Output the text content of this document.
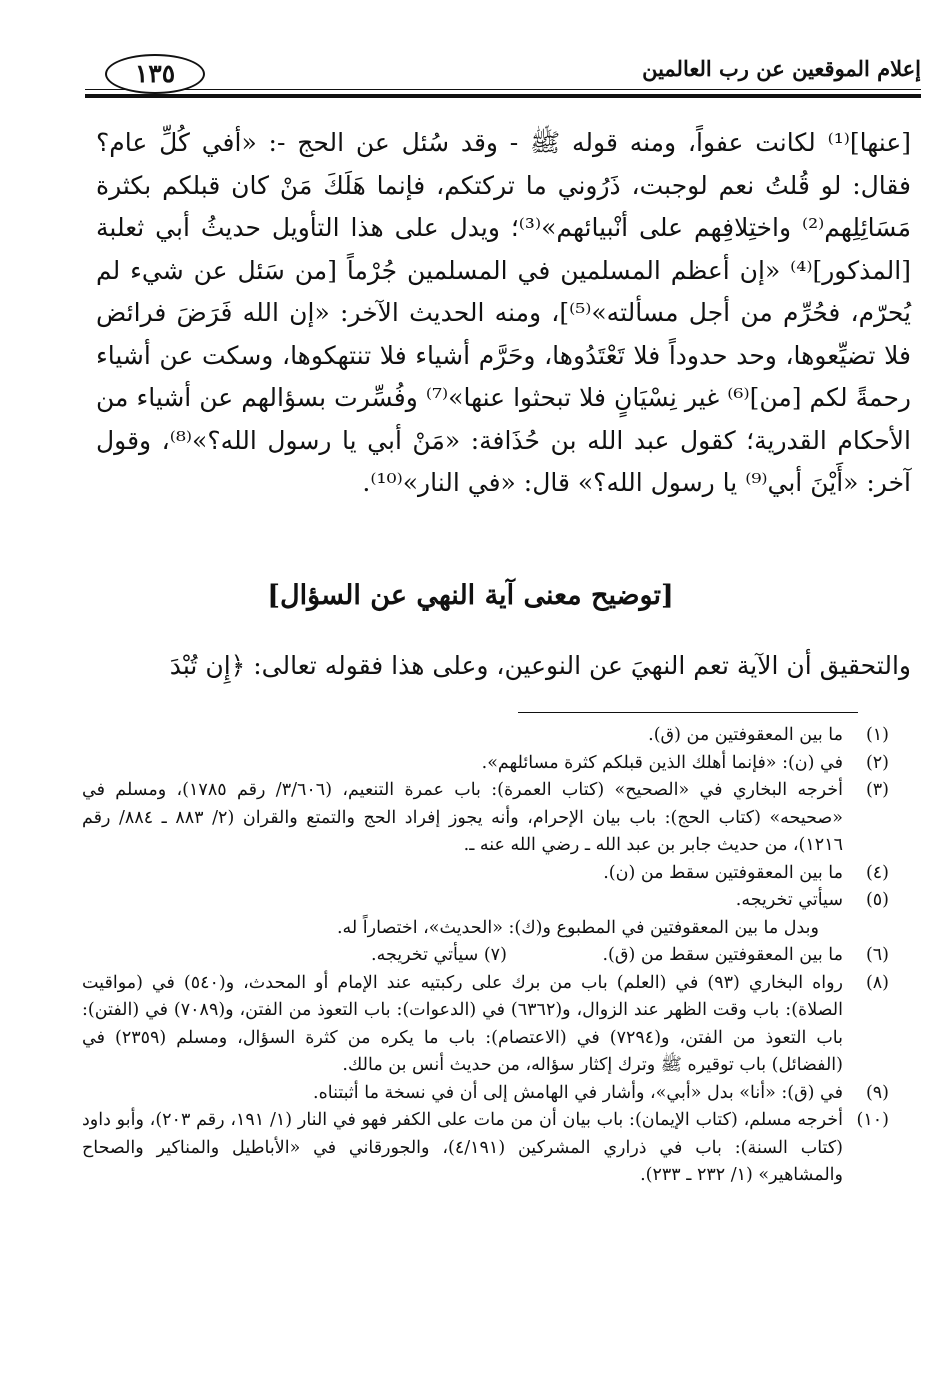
إعلام الموقعين عن رب العالمين
١٣٥

[عنها]⁽¹⁾ لكانت عفواً، ومنه قوله ﷺ - وقد سُئل عن الحج -: «أفي كُلِّ عام؟ فقال: لو قُلتُ نعم لوجبت، ذَرُوني ما تركتكم، فإنما هَلَكَ مَنْ كان قبلكم بكثرة مَسَائِلِهم⁽²⁾ واختِلافِهم على أنْبيائهم»⁽³⁾؛ ويدل على هذا التأويل حديثُ أبي ثعلبة [المذكور]⁽⁴⁾ «إن أعظم المسلمين في المسلمين جُرْماً [من سَئل عن شيء لم يُحرّم، فحُرِّم من أجل مسألته»⁽⁵⁾]، ومنه الحديث الآخر: «إن الله فَرَضَ فرائض فلا تضيِّعوها، وحد حدوداً فلا تَعْتَدُوها، وحَرَّم أشياء فلا تنتهكوها، وسكت عن أشياء رحمةً لكم [من]⁽⁶⁾ غير نِسْيَانٍ فلا تبحثوا عنها»⁽⁷⁾ وفُسِّرت بسؤالهم عن أشياء من الأحكام القدرية؛ كقول عبد الله بن حُذَافة: «مَنْ أبي يا رسول الله؟»⁽⁸⁾، وقول آخر: «أَيْنَ أبي⁽⁹⁾ يا رسول الله؟» قال: «في النار»⁽¹⁰⁾.

[توضيح معنى آية النهي عن السؤال]
والتحقيق أن الآية تعم النهيَ عن النوعين، وعلى هذا فقوله تعالى: ﴿إِن تُبْدَ

(١)
ما بين المعقوفتين من (ق).

(٢)
في (ن): «فإنما أهلك الذين قبلكم كثرة مسائلهم».

(٣)
أخرجه البخاري في «الصحيح» (كتاب العمرة): باب عمرة التنعيم، (٣/٦٠٦/ رقم ١٧٨٥)، ومسلم في «صحيحه» (كتاب الحج): باب بيان الإحرام، وأنه يجوز إفراد الحج والتمتع والقران (٢/ ٨٨٣ ـ ٨٨٤/ رقم ١٢١٦)، من حديث جابر بن عبد الله ـ رضي الله عنه ـ.

(٤)
ما بين المعقوفتين سقط من (ن).

(٥)
سيأتي تخريجه.

وبدل ما بين المعقوفتين في المطبوع و(ك): «الحديث»، اختصاراً له.

(٦)
ما بين المعقوفتين سقط من (ق). (٧) سيأتي تخريجه.

(٨)
رواه البخاري (٩٣) في (العلم) باب من برك على ركبتيه عند الإمام أو المحدث، و(٥٤٠) في (مواقيت الصلاة): باب وقت الظهر عند الزوال، و(٦٣٦٢) في (الدعوات): باب التعوذ من الفتن، و(٧٠٨٩) في (الفتن): باب التعوذ من الفتن، و(٧٢٩٤) في (الاعتصام): باب ما يكره من كثرة السؤال، ومسلم (٢٣٥٩) في (الفضائل) باب توقيره ﷺ وترك إكثار سؤاله، من حديث أنس بن مالك.

(٩)
في (ق): «أنا» بدل «أبي»، وأشار في الهامش إلى أن في نسخة ما أثبتناه.

(١٠)
أخرجه مسلم، (كتاب الإيمان): باب بيان أن من مات على الكفر فهو في النار (١/ ١٩١، رقم ٢٠٣)، وأبو داود (كتاب السنة): باب في ذراري المشركين (٤/١٩١)، والجورقاني في «الأباطيل والمناكير والصحاح والمشاهير» (١/ ٢٣٢ ـ ٢٣٣).
